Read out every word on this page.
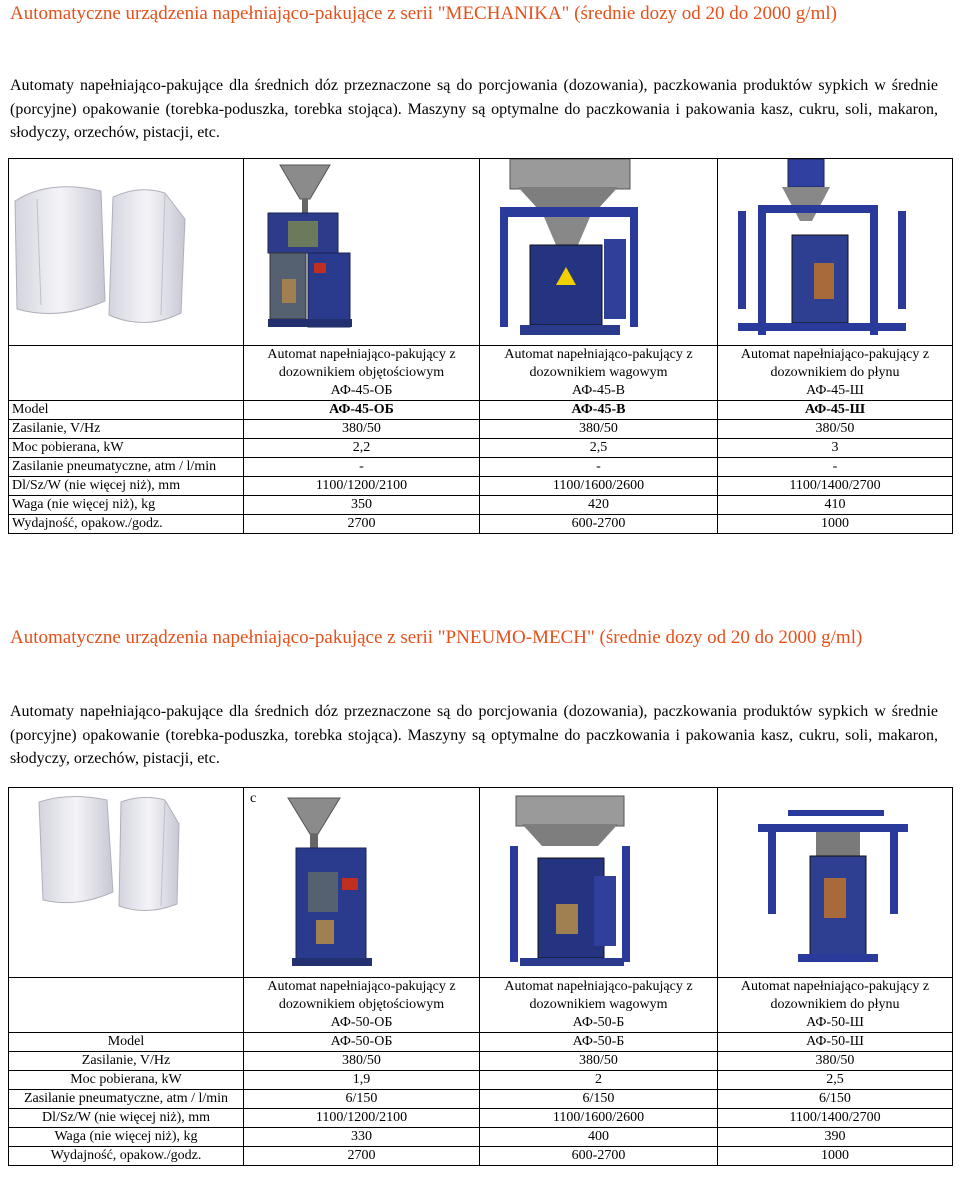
Automatyczne urządzenia napełniająco-pakujące z serii "MECHANIKA" (średnie dozy od 20 do 2000 g/ml)

Automaty napełniająco-pakujące dla średnich dóz przeznaczone są do porcjowania (dozowania), paczkowania produktów sypkich w średnie (porcyjne) opakowanie (torebka-poduszka, torebka stojąca). Maszyny są optymalne do paczkowania i pakowania kasz, cukru, soli, makaron, słodyczy, orzechów, pistacji, etc.

	Automat napełniająco-pakujący z
dozownikiem objętościowym
АФ-45-ОБ	Automat napełniająco-pakujący z
dozownikiem wagowym
АФ-45-В	Automat napełniająco-pakujący z
dozownikiem do płynu
АФ-45-Ш
Model	АФ-45-ОБ	АФ-45-В	АФ-45-Ш
Zasilanie, V/Hz	380/50	380/50	380/50
Moc pobierana, kW	2,2	2,5	3
Zasilanie pneumatyczne, atm / l/min	-	-	-
Dl/Sz/W (nie więcej niż), mm	1100/1200/2100	1100/1600/2600	1100/1400/2700
Waga (nie więcej niż), kg	350	420	410
Wydajność, opakow./godz.	2700	600-2700	1000
Automatyczne urządzenia napełniająco-pakujące z serii "PNEUMO-MECH" (średnie dozy od 20 do 2000 g/ml)

Automaty napełniająco-pakujące dla średnich dóz przeznaczone są do porcjowania (dozowania), paczkowania produktów sypkich w średnie (porcyjne) opakowanie (torebka-poduszka, torebka stojąca). Maszyny są optymalne do paczkowania i pakowania kasz, cukru, soli, makaron, słodyczy, orzechów, pistacji, etc.

c

	Automat napełniająco-pakujący z
dozownikiem objętościowym
АФ-50-ОБ	Automat napełniająco-pakujący z
dozownikiem wagowym
АФ-50-Б	Automat napełniająco-pakujący z
dozownikiem do płynu
АФ-50-Ш
Model	АФ-50-ОБ	АФ-50-Б	АФ-50-Ш
Zasilanie, V/Hz	380/50	380/50	380/50
Moc pobierana, kW	1,9	2	2,5
Zasilanie pneumatyczne, atm / l/min	6/150	6/150	6/150
Dl/Sz/W (nie więcej niż), mm	1100/1200/2100	1100/1600/2600	1100/1400/2700
Waga (nie więcej niż), kg	330	400	390
Wydajność, opakow./godz.	2700	600-2700	1000
